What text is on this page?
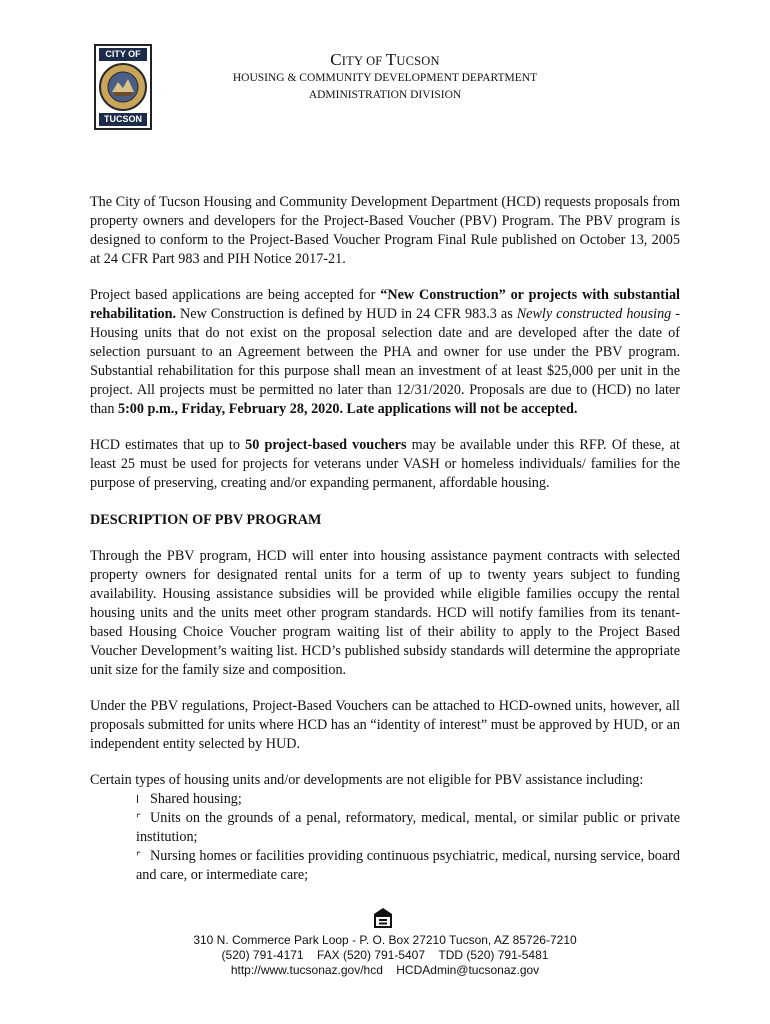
CITY OF
TUCSON
CITY OF TUCSON
HOUSING & COMMUNITY DEVELOPMENT DEPARTMENT
ADMINISTRATION DIVISION

The City of Tucson Housing and Community Development Department (HCD) requests proposals from property owners and developers for the Project-Based Voucher (PBV) Program. The PBV program is designed to conform to the Project-Based Voucher Program Final Rule published on October 13, 2005 at 24 CFR Part 983 and PIH Notice 2017-21.

Project based applications are being accepted for “New Construction” or projects with substantial rehabilitation. New Construction is defined by HUD in 24 CFR 983.3 as Newly constructed housing - Housing units that do not exist on the proposal selection date and are developed after the date of selection pursuant to an Agreement between the PHA and owner for use under the PBV program. Substantial rehabilitation for this purpose shall mean an investment of at least $25,000 per unit in the project. All projects must be permitted no later than 12/31/2020. Proposals are due to (HCD) no later than 5:00 p.m., Friday, February 28, 2020. Late applications will not be accepted.

HCD estimates that up to 50 project-based vouchers may be available under this RFP. Of these, at least 25 must be used for projects for veterans under VASH or homeless individuals/ families for the purpose of preserving, creating and/or expanding permanent, affordable housing.

DESCRIPTION OF PBV PROGRAM

Through the PBV program, HCD will enter into housing assistance payment contracts with selected property owners for designated rental units for a term of up to twenty years subject to funding availability. Housing assistance subsidies will be provided while eligible families occupy the rental housing units and the units meet other program standards. HCD will notify families from its tenant-based Housing Choice Voucher program waiting list of their ability to apply to the Project Based Voucher Development’s waiting list. HCD’s published subsidy standards will determine the appropriate unit size for the family size and composition.

Under the PBV regulations, Project-Based Vouchers can be attached to HCD-owned units, however, all proposals submitted for units where HCD has an “identity of interest” must be approved by HUD, or an independent entity selected by HUD.

Certain types of housing units and/or developments are not eligible for PBV assistance including:

l Shared housing;

⌜ Units on the grounds of a penal, reformatory, medical, mental, or similar public or private institution;

⌜ Nursing homes or facilities providing continuous psychiatric, medical, nursing service, board and care, or intermediate care;

310 N. Commerce Park Loop - P. O. Box 27210 Tucson, AZ 85726-7210
(520) 791-4171 FAX (520) 791-5407 TDD (520) 791-5481
http://www.tucsonaz.gov/hcd HCDAdmin@tucsonaz.gov
